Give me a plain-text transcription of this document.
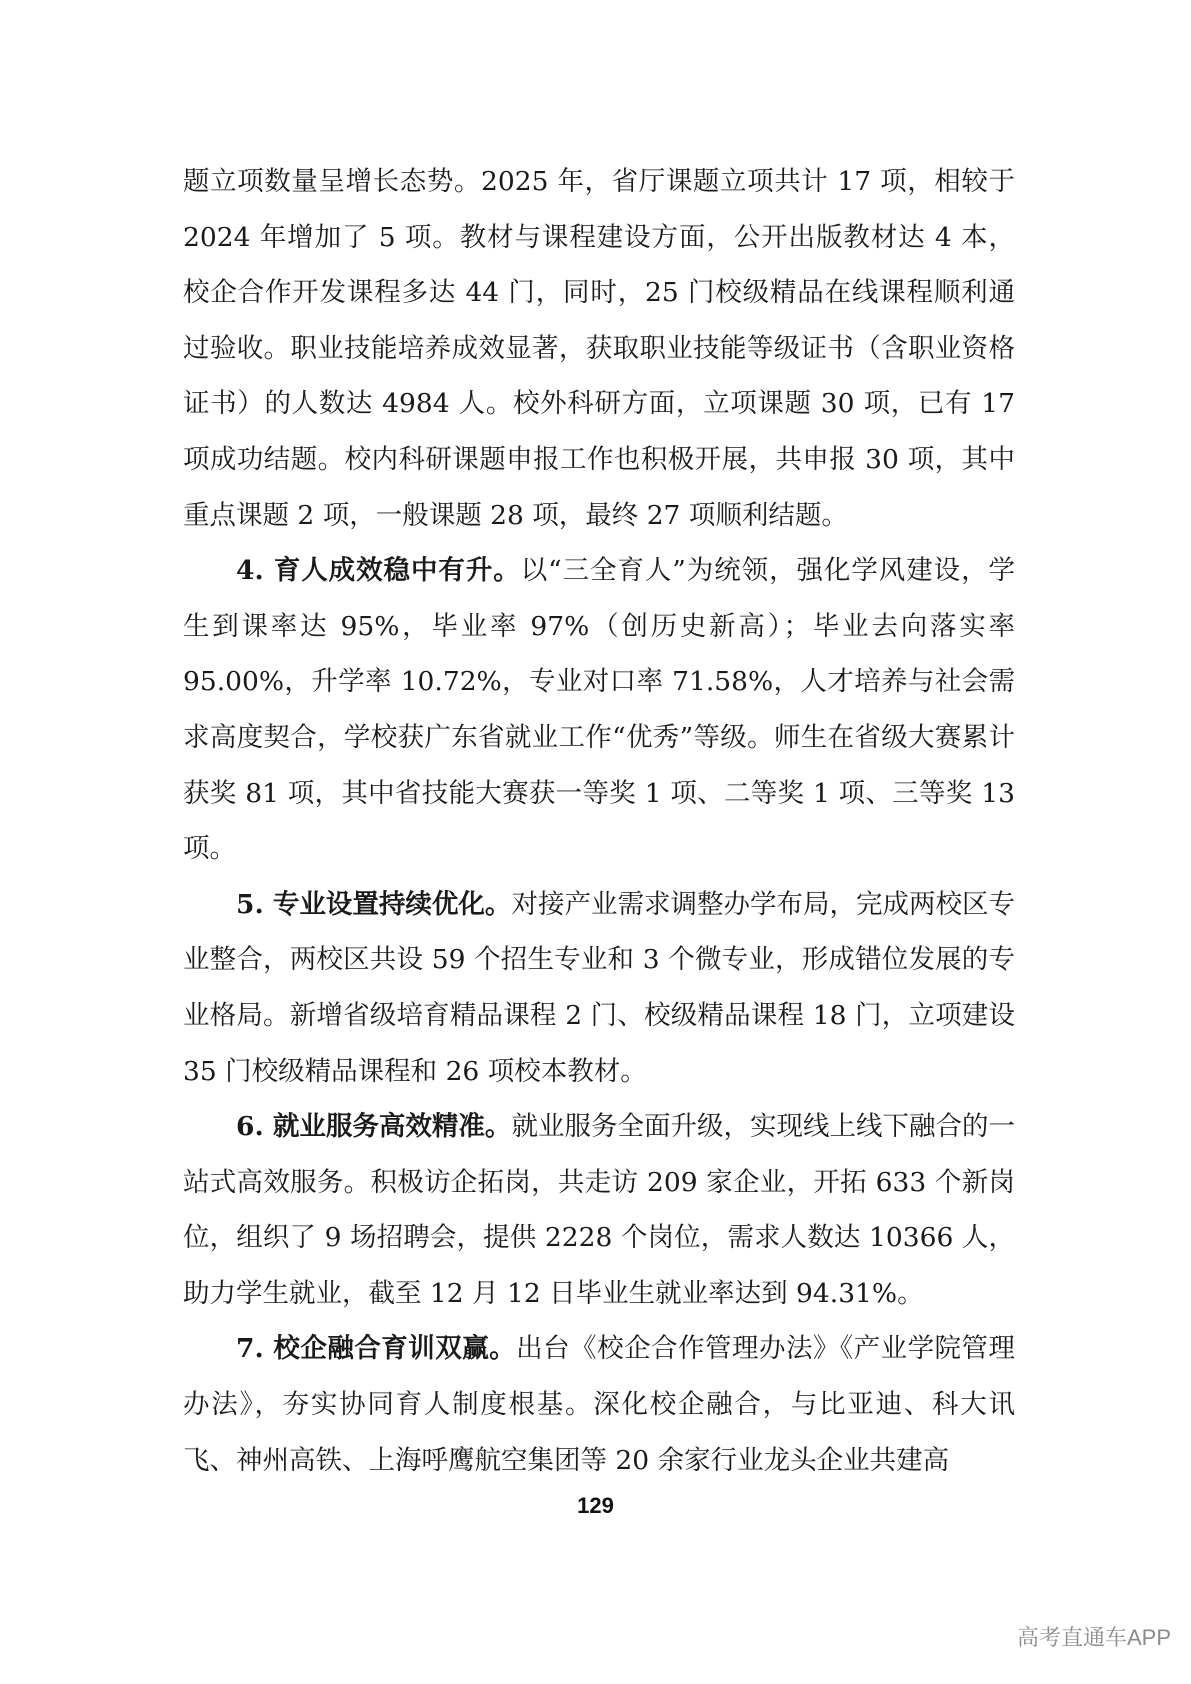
题立项数量呈增长态势。2025 年，省厅课题立项共计 17 项，相较于 2024 年增加了 5 项。教材与课程建设方面，公开出版教材达 4 本，校企合作开发课程多达 44 门，同时，25 门校级精品在线课程顺利通过验收。职业技能培养成效显著，获取职业技能等级证书（含职业资格证书）的人数达 4984 人。校外科研方面，立项课题 30 项，已有 17 项成功结题。校内科研课题申报工作也积极开展，共申报 30 项，其中重点课题 2 项，一般课题 28 项，最终 27 项顺利结题。

4. 育人成效稳中有升。以“三全育人”为统领，强化学风建设，学生到课率达 95%，毕业率 97%（创历史新高）；毕业去向落实率 95.00%，升学率 10.72%，专业对口率 71.58%，人才培养与社会需求高度契合，学校获广东省就业工作“优秀”等级。师生在省级大赛累计获奖 81 项，其中省技能大赛获一等奖 1 项、二等奖 1 项、三等奖 13 项。

5. 专业设置持续优化。对接产业需求调整办学布局，完成两校区专业整合，两校区共设 59 个招生专业和 3 个微专业，形成错位发展的专业格局。新增省级培育精品课程 2 门、校级精品课程 18 门，立项建设 35 门校级精品课程和 26 项校本教材。

6. 就业服务高效精准。就业服务全面升级，实现线上线下融合的一站式高效服务。积极访企拓岗，共走访 209 家企业，开拓 633 个新岗位，组织了 9 场招聘会，提供 2228 个岗位，需求人数达 10366 人，助力学生就业，截至 12 月 12 日毕业生就业率达到 94.31%。

7. 校企融合育训双赢。出台《校企合作管理办法》《产业学院管理办法》，夯实协同育人制度根基。深化校企融合，与比亚迪、科大讯飞、神州高铁、上海呼鹰航空集团等 20 余家行业龙头企业共建高

129
高考直通车APP
